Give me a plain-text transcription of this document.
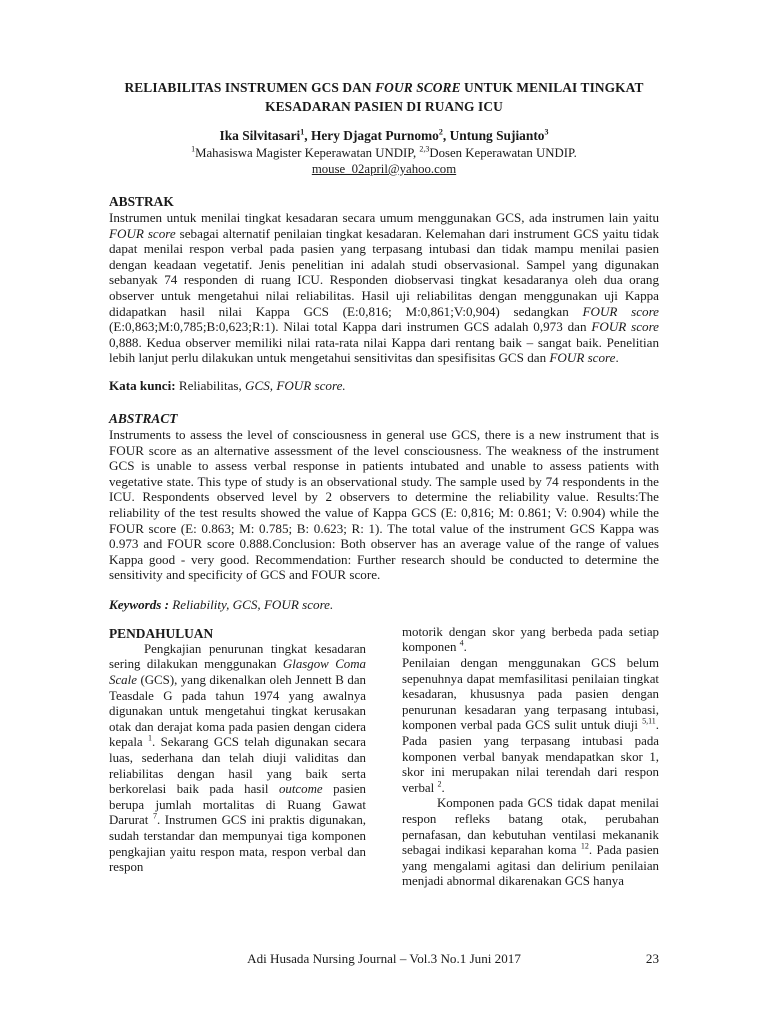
RELIABILITAS INSTRUMEN GCS DAN FOUR SCORE UNTUK MENILAI TINGKAT
KESADARAN PASIEN DI RUANG ICU
Ika Silvitasari$^1$, Hery Djagat Purnomo$^2$, Untung Sujianto$^3$
$^1$Mahasiswa Magister Keperawatan UNDIP, $^{2,3}$Dosen Keperawatan UNDIP.
mouse_02april@yahoo.com
ABSTRAK
Instrumen untuk menilai tingkat kesadaran secara umum menggunakan GCS, ada instrumen lain yaitu FOUR score sebagai alternatif penilaian tingkat kesadaran. Kelemahan dari instrument GCS yaitu tidak dapat menilai respon verbal pada pasien yang terpasang intubasi dan tidak mampu menilai pasien dengan keadaan vegetatif. Jenis penelitian ini adalah studi observasional. Sampel yang digunakan sebanyak 74 responden di ruang ICU. Responden diobservasi tingkat kesadaranya oleh dua orang observer untuk mengetahui nilai reliabilitas. Hasil uji reliabilitas dengan menggunakan uji Kappa didapatkan hasil nilai Kappa GCS (E:0,816; M:0,861;V:0,904) sedangkan FOUR score (E:0,863;M:0,785;B:0,623;R:1). Nilai total Kappa dari instrumen GCS adalah 0,973 dan FOUR score 0,888. Kedua observer memiliki nilai rata-rata nilai Kappa dari rentang baik – sangat baik. Penelitian lebih lanjut perlu dilakukan untuk mengetahui sensitivitas dan spesifisitas GCS dan FOUR score.
Kata kunci: Reliabilitas, GCS, FOUR score.
ABSTRACT
Instruments to assess the level of consciousness in general use GCS, there is a new instrument that is FOUR score as an alternative assessment of the level consciousness. The weakness of the instrument GCS is unable to assess verbal response in patients intubated and unable to assess patients with vegetative state. This type of study is an observational study. The sample used by 74 respondents in the ICU. Respondents observed level by 2 observers to determine the reliability value. Results:The reliability of the test results showed the value of Kappa GCS (E: 0,816; M: 0.861; V: 0.904) while the FOUR score (E: 0.863; M: 0.785; B: 0.623; R: 1). The total value of the instrument GCS Kappa was 0.973 and FOUR score 0.888.Conclusion: Both observer has an average value of the range of values Kappa good - very good. Recommendation: Further research should be conducted to determine the sensitivity and specificity of GCS and FOUR score.
Keywords : Reliability, GCS, FOUR score.
PENDAHULUAN

Pengkajian penurunan tingkat kesadaran sering dilakukan menggunakan Glasgow Coma Scale (GCS), yang dikenalkan oleh Jennett B dan Teasdale G pada tahun 1974 yang awalnya digunakan untuk mengetahui tingkat kerusakan otak dan derajat koma pada pasien dengan cidera kepala $^1$. Sekarang GCS telah digunakan secara luas, sederhana dan telah diuji validitas dan reliabilitas dengan hasil yang baik serta berkorelasi baik pada hasil outcome pasien berupa jumlah mortalitas di Ruang Gawat Darurat $^7$. Instrumen GCS ini praktis digunakan, sudah terstandar dan mempunyai tiga komponen pengkajian yaitu respon mata, respon verbal dan respon

motorik dengan skor yang berbeda pada setiap komponen $^4$.

Penilaian dengan menggunakan GCS belum sepenuhnya dapat memfasilitasi penilaian tingkat kesadaran, khususnya pada pasien dengan penurunan kesadaran yang terpasang intubasi, komponen verbal pada GCS sulit untuk diuji $^{5,11}$. Pada pasien yang terpasang intubasi pada komponen verbal banyak mendapatkan skor 1, skor ini merupakan nilai terendah dari respon verbal $^2$.

Komponen pada GCS tidak dapat menilai respon refleks batang otak, perubahan pernafasan, dan kebutuhan ventilasi mekananik sebagai indikasi keparahan koma $^{12}$. Pada pasien yang mengalami agitasi dan delirium penilaian menjadi abnormal dikarenakan GCS hanya

Adi Husada Nursing Journal – Vol.3 No.1 Juni 2017	23
